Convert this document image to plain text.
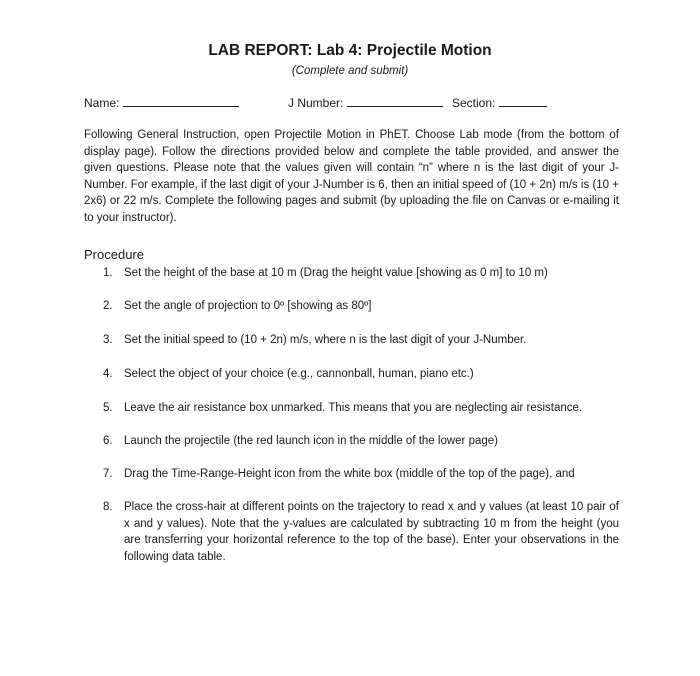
LAB REPORT: Lab 4: Projectile Motion
(Complete and submit)
Name:	J Number:	Section:

Following General Instruction, open Projectile Motion in PhET. Choose Lab mode (from the bottom of display page). Follow the directions provided below and complete the table provided, and answer the given questions. Please note that the values given will contain “n” where n is the last digit of your J-Number. For example, if the last digit of your J-Number is 6, then an initial speed of (10 + 2n) m/s is (10 + 2x6) or 22 m/s. Complete the following pages and submit (by uploading the file on Canvas or e-mailing it to your instructor).

Procedure
1. Set the height of the base at 10 m (Drag the height value [showing as 0 m] to 10 m)
2. Set the angle of projection to 0º [showing as 80º]
3. Set the initial speed to (10 + 2n) m/s, where n is the last digit of your J-Number.
4. Select the object of your choice (e.g., cannonball, human, piano etc.)
5. Leave the air resistance box unmarked. This means that you are neglecting air resistance.
6. Launch the projectile (the red launch icon in the middle of the lower page)
7. Drag the Time-Range-Height icon from the white box (middle of the top of the page), and
8. Place the cross-hair at different points on the trajectory to read x and y values (at least 10 pair of x and y values). Note that the y-values are calculated by subtracting 10 m from the height (you are transferring your horizontal reference to the top of the base). Enter your observations in the following data table.
